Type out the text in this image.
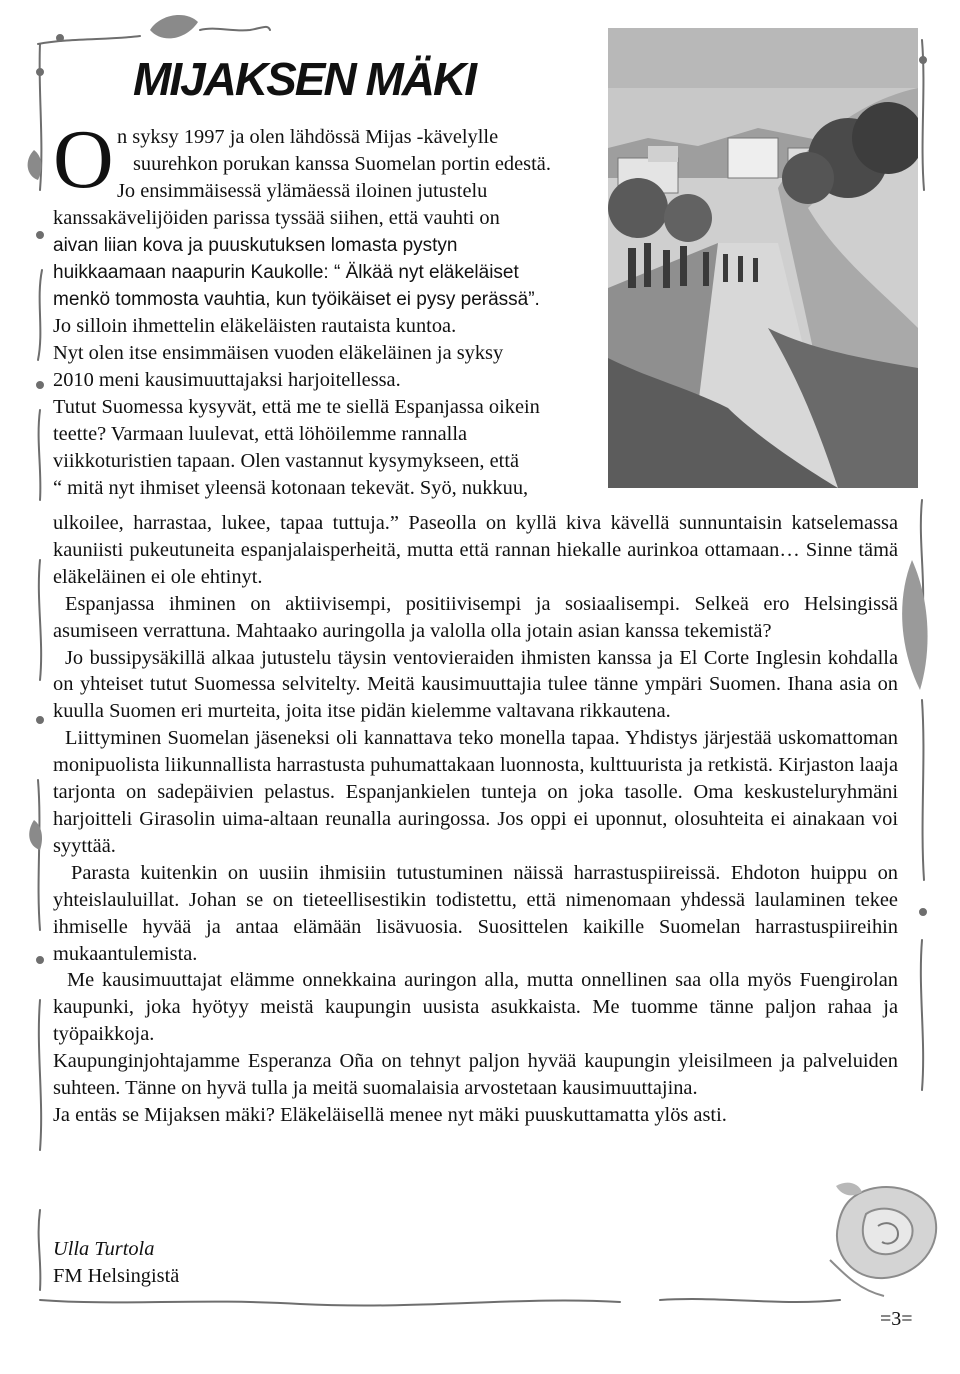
MIJAKSEN MÄKI
O n syksy 1997 ja olen lähdössä Mijas -kävelylle
suurehkon porukan kanssa Suomelan portin edestä.
Jo ensimmäisessä ylämäessä iloinen jutustelu
kanssakävelijöiden parissa tyssää siihen, että vauhti on
aivan liian kova ja puuskutuksen lomasta pystyn
huikkaamaan naapurin Kaukolle: “ Älkää nyt eläkeläiset
menkö tommosta vauhtia, kun työikäiset ei pysy perässä”.
Jo silloin ihmettelin eläkeläisten rautaista kuntoa.
Nyt olen itse ensimmäisen vuoden eläkeläinen ja syksy
2010 meni kausimuuttajaksi harjoitellessa.
Tutut Suomessa kysyvät, että me te siellä Espanjassa oikein
teette? Varmaan luulevat, että löhöilemme rannalla
viikkoturistien tapaan. Olen vastannut kysymykseen, että
“ mitä nyt ihmiset yleensä kotonaan tekevät. Syö, nukkuu,

ulkoilee, harrastaa, lukee, tapaa tuttuja.” Paseolla on kyllä kiva kävellä sunnuntaisin katselemassa kauniisti pukeutuneita espanjalaisperheitä, mutta että rannan hiekalle aurinkoa ottamaan… Sinne tämä eläkeläinen ei ole ehtinyt.

Espanjassa ihminen on aktiivisempi, positiivisempi ja sosiaalisempi. Selkeä ero Helsingissä asumiseen verrattuna. Mahtaako auringolla ja valolla olla jotain asian kanssa tekemistä?

Jo bussipysäkillä alkaa jutustelu täysin ventovieraiden ihmisten kanssa ja El Corte Inglesin kohdalla on yhteiset tutut Suomessa selvitelty. Meitä kausimuuttajia tulee tänne ympäri Suomen. Ihana asia on kuulla Suomen eri murteita, joita itse pidän kielemme valtavana rikkautena.

Liittyminen Suomelan jäseneksi oli kannattava teko monella tapaa. Yhdistys järjestää uskomattoman monipuolista liikunnallista harrastusta puhumattakaan luonnosta, kulttuurista ja retkistä. Kirjaston laaja tarjonta on sadepäivien pelastus. Espanjankielen tunteja on joka tasolle. Oma keskusteluryhmäni harjoitteli Girasolin uima-altaan reunalla auringossa. Jos oppi ei uponnut, olosuhteita ei ainakaan voi syyttää.

Parasta kuitenkin on uusiin ihmisiin tutustuminen näissä harrastuspiireissä. Ehdoton huippu on yhteislauluillat. Johan se on tieteellisestikin todistettu, että nimenomaan yhdessä laulaminen tekee ihmiselle hyvää ja antaa elämään lisävuosia. Suosittelen kaikille Suomelan harrastuspiireihin mukaantulemista.

Me kausimuuttajat elämme onnekkaina auringon alla, mutta onnellinen saa olla myös Fuengirolan kaupunki, joka hyötyy meistä kaupungin uusista asukkaista. Me tuomme tänne paljon rahaa ja työpaikkoja.

Kaupunginjohtajamme Esperanza Oña on tehnyt paljon hyvää kaupungin yleisilmeen ja palveluiden suhteen. Tänne on hyvä tulla ja meitä suomalaisia arvostetaan kausimuuttajina.

Ja entäs se Mijaksen mäki? Eläkeläisellä menee nyt mäki puuskuttamatta ylös asti.

Ulla Turtola
FM Helsingistä
=3=
